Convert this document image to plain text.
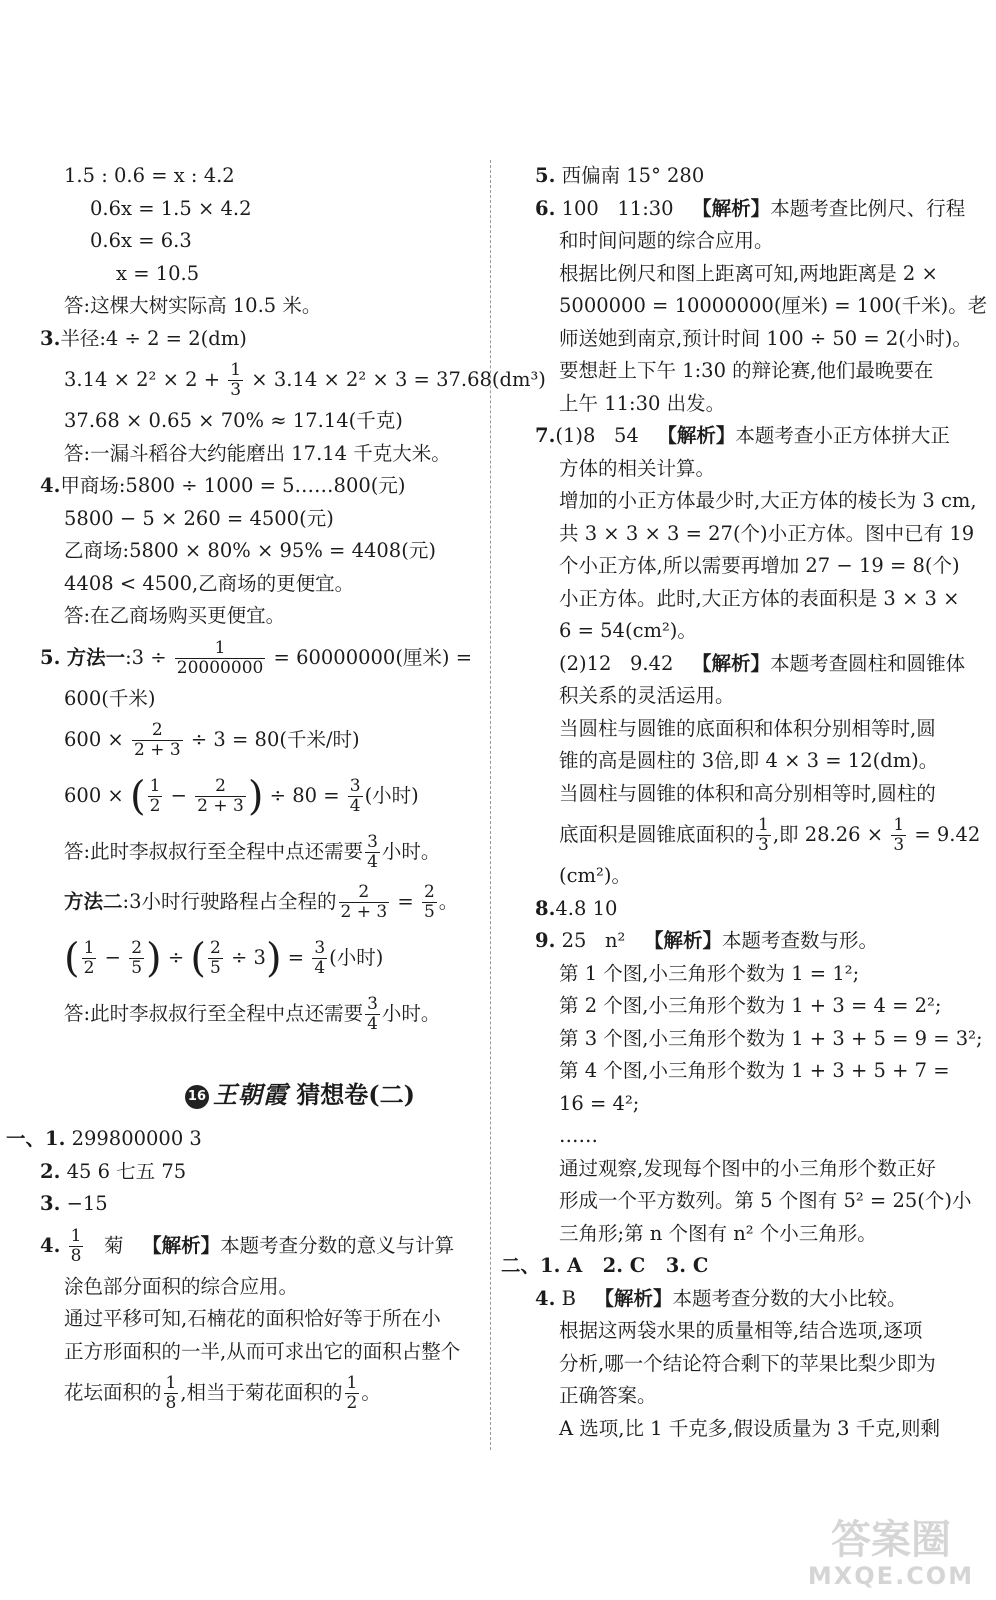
1.5 : 0.6 = x : 4.2
0.6x = 1.5 × 4.2
0.6x = 6.3
x = 10.5
答:这棵大树实际高 10.5 米。
3.半径:4 ÷ 2 = 2(dm)
$3.14 \times 2^2 \times 2 + \frac{1}{3} \times 3.14 \times 2^2 \times 3 = 37.68(dm^3)$
37.68 × 0.65 × 70% ≈ 17.14(千克)
答:一漏斗稻谷大约能磨出 17.14 千克大米。
4.甲商场:5800 ÷ 1000 = 5……800(元)
5800 − 5 × 260 = 4500(元)
乙商场:5800 × 80% × 95% = 4408(元)
4408 < 4500,乙商场的更便宜。
答:在乙商场购买更便宜。
5. 方法一:3 ÷ $\frac{1}{20000000} = 60000000$(厘米) =
600(千米)
$600 \times \frac{2}{2 + 3} \div 3 = 80$(千米/时)
600 × ( $\frac{1}{2} - \frac{2}{2 + 3}$ ) ÷ $80 = \frac{3}{4}$ (小时)
答:此时李叔叔行至全程中点还需要 $\frac{3}{4}$ 小时。
方法二:3小时行驶路程占全程的 $\frac{2}{2 + 3} = \frac{2}{5}$ 。
( $\frac{1}{2} - \frac{2}{5}$ ) ÷ ( $\frac{2}{5} \div 3) = \frac{3}{4}$ (小时)
答:此时李叔叔行至全程中点还需要 $\frac{3}{4}$ 小时。
16 王朝霞 猜想卷(二)
一、1. 299800000 3
2. 45 6 七五 75
3. −15
4. $\frac{1}{8}$ 菊   【解析】本题考查分数的意义与计算
涂色部分面积的综合应用。
通过平移可知,石楠花的面积恰好等于所在小
正方形面积的一半,从而可求出它的面积占整个
花坛面积的 $\frac{1}{8}$ ,相当于菊花面积的 $\frac{1}{2}$ 。
5. 西偏南 15° 280
6. 100   11:30   【解析】本题考查比例尺、行程
和时间问题的综合应用。
根据比例尺和图上距离可知,两地距离是 2 ×
5000000 = 10000000(厘米) = 100(千米)。老
师送她到南京,预计时间 100 ÷ 50 = 2(小时)。
要想赶上下午 1:30 的辩论赛,他们最晚要在
上午 11:30 出发。
7.(1)8   54   【解析】本题考查小正方体拼大正
方体的相关计算。
增加的小正方体最少时,大正方体的棱长为 3 cm,
共 3 × 3 × 3 = 27(个)小正方体。图中已有 19
个小正方体,所以需要再增加 27 − 19 = 8(个)
小正方体。此时,大正方体的表面积是 3 × 3 ×
6 = 54(cm²)。
(2)12   9.42   【解析】本题考查圆柱和圆锥体
积关系的灵活运用。
当圆柱与圆锥的底面积和体积分别相等时,圆
锥的高是圆柱的 3倍,即 4 × 3 = 12(dm)。
当圆柱与圆锥的体积和高分别相等时,圆柱的
底面积是圆锥底面积的 $\frac{1}{3}$ ,即 $28.26 \times \frac{1}{3} = 9.42$
(cm²)。
8.4.8 10
9. 25   n²   【解析】本题考查数与形。
第 1 个图,小三角形个数为 1 = 1²;
第 2 个图,小三角形个数为 1 + 3 = 4 = 2²;
第 3 个图,小三角形个数为 1 + 3 + 5 = 9 = 3²;
第 4 个图,小三角形个数为 1 + 3 + 5 + 7 =
16 = 4²;
……
通过观察,发现每个图中的小三角形个数正好
形成一个平方数列。第 5 个图有 5² = 25(个)小
三角形;第 n 个图有 n² 个小三角形。
二、1. A   2. C   3. C
4. B   【解析】本题考查分数的大小比较。
根据这两袋水果的质量相等,结合选项,逐项
分析,哪一个结论符合剩下的苹果比梨少即为
正确答案。
A 选项,比 1 千克多,假设质量为 3 千克,则剩
答案圈
MXQE.COM
